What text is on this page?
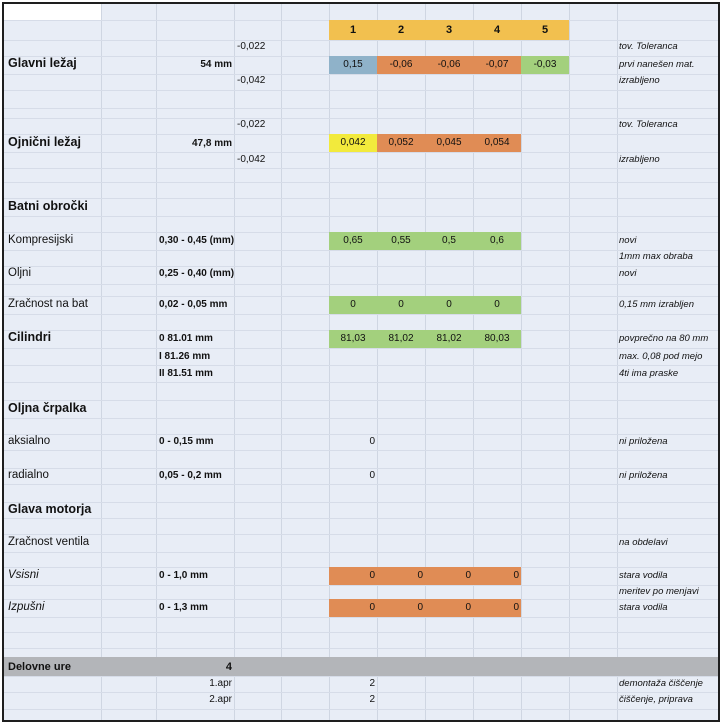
1	2	3	4	5
-0,022	tov. Toleranca
Glavni ležaj	54 mm	0,15	-0,06	-0,06	-0,07	-0,03	prvi nanešen mat.
-0,042	izrabljeno
-0,022	tov. Toleranca
Ojnični ležaj	47,8 mm	0,042	0,052	0,045	0,054
-0,042	izrabljeno
Batni obročki
Kompresijski	0,30 - 0,45 (mm)	0,65	0,55	0,5	0,6	novi
1mm max obraba
Oljni	0,25 - 0,40 (mm)	novi
Zračnost na bat	0,02 - 0,05 mm	0	0	0	0	0,15 mm izrabljen
Cilindri	0 81.01 mm	81,03	81,02	81,02	80,03	povprečno na 80 mm
I 81.26 mm	max. 0,08 pod mejo
II 81.51 mm	4ti ima praske
Oljna črpalka
aksialno	0 - 0,15 mm	0	ni priložena
radialno	0,05 - 0,2 mm	0	ni priložena
Glava motorja
Zračnost ventila	na obdelavi
Vsisni	0 - 1,0 mm	0	0	0	0	stara vodila
meritev po menjavi
Izpušni	0 - 1,3 mm	0	0	0	0	stara vodila
Delovne ure	4
1.apr	2	demontaža čiščenje
2.apr	2	čiščenje, priprava
